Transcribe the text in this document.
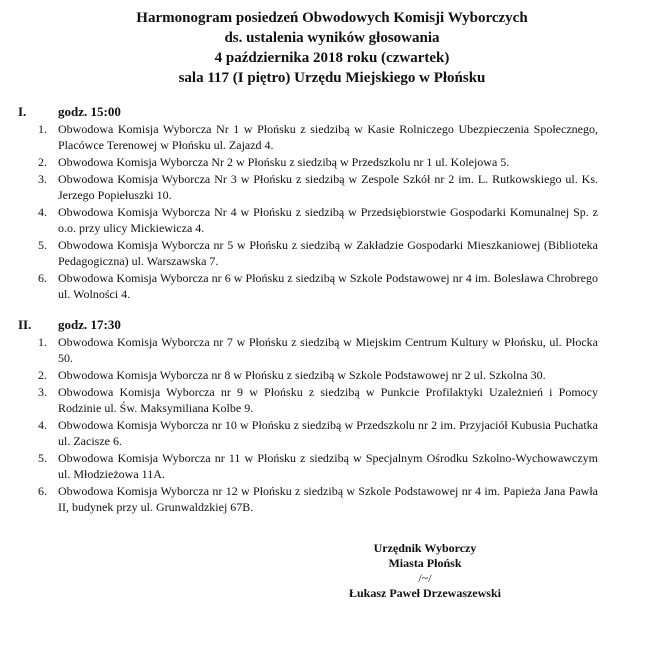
Harmonogram posiedzeń Obwodowych Komisji Wyborczych
ds. ustalenia wyników głosowania
4 października 2018 roku (czwartek)
sala 117 (I piętro) Urzędu Miejskiego w Płońsku
I. godz. 15:00
1. Obwodowa Komisja Wyborcza Nr 1 w Płońsku z siedzibą w Kasie Rolniczego Ubezpieczenia Społecznego, Placówce Terenowej w Płońsku ul. Zajazd 4.
2. Obwodowa Komisja Wyborcza Nr 2 w Płońsku z siedzibą w Przedszkolu nr 1 ul. Kolejowa 5.
3. Obwodowa Komisja Wyborcza Nr 3 w Płońsku z siedzibą w Zespole Szkół nr 2 im. L. Rutkowskiego ul. Ks. Jerzego Popiełuszki 10.
4. Obwodowa Komisja Wyborcza Nr 4 w Płońsku z siedzibą w Przedsiębiorstwie Gospodarki Komunalnej Sp. z o.o. przy ulicy Mickiewicza 4.
5. Obwodowa Komisja Wyborcza nr 5 w Płońsku z siedzibą w Zakładzie Gospodarki Mieszkaniowej (Biblioteka Pedagogiczna) ul. Warszawska 7.
6. Obwodowa Komisja Wyborcza nr 6 w Płońsku z siedzibą w Szkole Podstawowej nr 4 im. Bolesława Chrobrego ul. Wolności 4.
II. godz. 17:30
1. Obwodowa Komisja Wyborcza nr 7 w Płońsku z siedzibą w Miejskim Centrum Kultury w Płońsku, ul. Płocka 50.
2. Obwodowa Komisja Wyborcza nr 8 w Płońsku z siedzibą w Szkole Podstawowej nr 2 ul. Szkolna 30.
3. Obwodowa Komisja Wyborcza nr 9 w Płońsku z siedzibą w Punkcie Profilaktyki Uzależnień i Pomocy Rodzinie ul. Św. Maksymiliana Kolbe 9.
4. Obwodowa Komisja Wyborcza nr 10 w Płońsku z siedzibą w Przedszkolu nr 2 im. Przyjaciół Kubusia Puchatka ul. Zacisze 6.
5. Obwodowa Komisja Wyborcza nr 11 w Płońsku z siedzibą w Specjalnym Ośrodku Szkolno-Wychowawczym ul. Młodzieżowa 11A.
6. Obwodowa Komisja Wyborcza nr 12 w Płońsku z siedzibą w Szkole Podstawowej nr 4 im. Papieża Jana Pawła II, budynek przy ul. Grunwaldzkiej 67B.
Urzędnik Wyborczy
Miasta Płońsk
/~/
Łukasz Paweł Drzewaszewski
